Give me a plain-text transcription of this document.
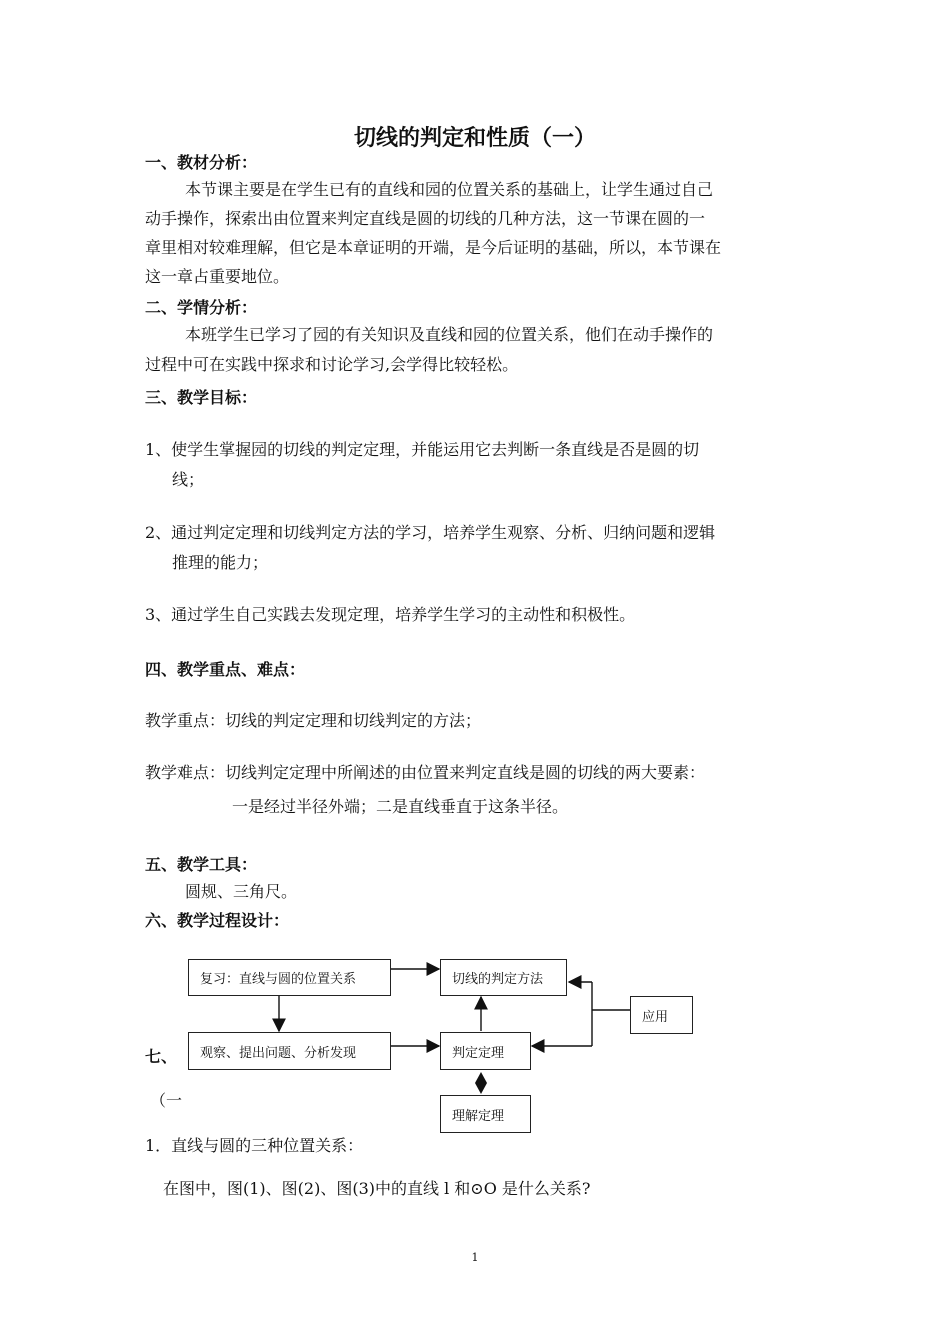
切线的判定和性质（一）
一、教材分析：
本节课主要是在学生已有的直线和园的位置关系的基础上，让学生通过自己
动手操作，探索出由位置来判定直线是圆的切线的几种方法，这一节课在圆的一
章里相对较难理解，但它是本章证明的开端，是今后证明的基础，所以，本节课在
这一章占重要地位。
二、学情分析：
本班学生已学习了园的有关知识及直线和园的位置关系，他们在动手操作的
过程中可在实践中探求和讨论学习,会学得比较轻松。
三、教学目标：
1、使学生掌握园的切线的判定定理，并能运用它去判断一条直线是否是圆的切
线；
2、通过判定定理和切线判定方法的学习，培养学生观察、分析、归纳问题和逻辑
推理的能力；
3、通过学生自己实践去发现定理，培养学生学习的主动性和积极性。
四、教学重点、难点：
教学重点：切线的判定定理和切线判定的方法；
教学难点：切线判定定理中所阐述的由位置来判定直线是圆的切线的两大要素：
一是经过半径外端；二是直线垂直于这条半径。
五、教学工具：
圆规、三角尺。
六、教学过程设计：
七、
（一
复习：直线与圆的位置关系	切线的判定方法
应用
观察、提出问题、分析发现	判定定理
理解定理
1．直线与圆的三种位置关系：
在图中，图(1)、图(2)、图(3)中的直线 l 和⊙O 是什么关系?
1
